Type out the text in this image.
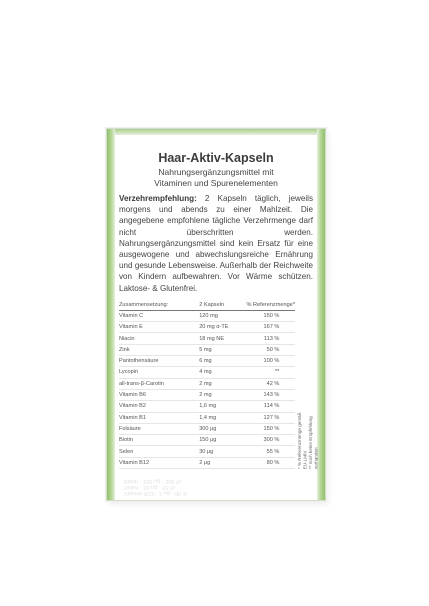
Haar-Aktiv-Kapseln
Nahrungsergänzungsmittel mit
Vitaminen und Spurenelementen
Verzehrempfehlung: 2 Kapseln täglich, jeweils morgens und abends zu einer Mahlzeit. Die angegebene empfohlene tägliche Verzehrmenge darf nicht überschritten werden. Nahrungsergänzungsmittel sind kein Ersatz für eine ausgewogene und abwechslungsreiche Ernährung und gesunde Lebensweise. Außerhalb der Reichweite von Kindern aufbewahren. Vor Wärme schützen. Laktose- & Glutenfrei.
Zusammensetzung:	2 Kapseln	% Referenzmenge*	
Vitamin C	120 mg	150 %	
Vitamin E	20 mg α-TE	167 %	
Niacin	18 mg NE	113 %	
Zink	5 mg	50 %	
Pantothensäure	6 mg	100 %	
Lycopin	4 mg	**	
all-trans-β-Carotin	2 mg	42 %	
Vitamin B6	2 mg	143 %	
Vitamin B2	1,6 mg	114 %	
Vitamin B1	1,4 mg	127 %	
Folsäure	300 μg	150 %	
Biotin	150 μg	300 %	
Selen	30 μg	55 %	
Vitamin B12	2 μg	80 %		* % Referenzmenge gemäß EU-LMIV ** noch keine Empfehlung vorhanden
Vitamin B12 · 2 μg · 80 %
Selen · 30 μg · 55 %
Biotin · 150 μg · 300 %
